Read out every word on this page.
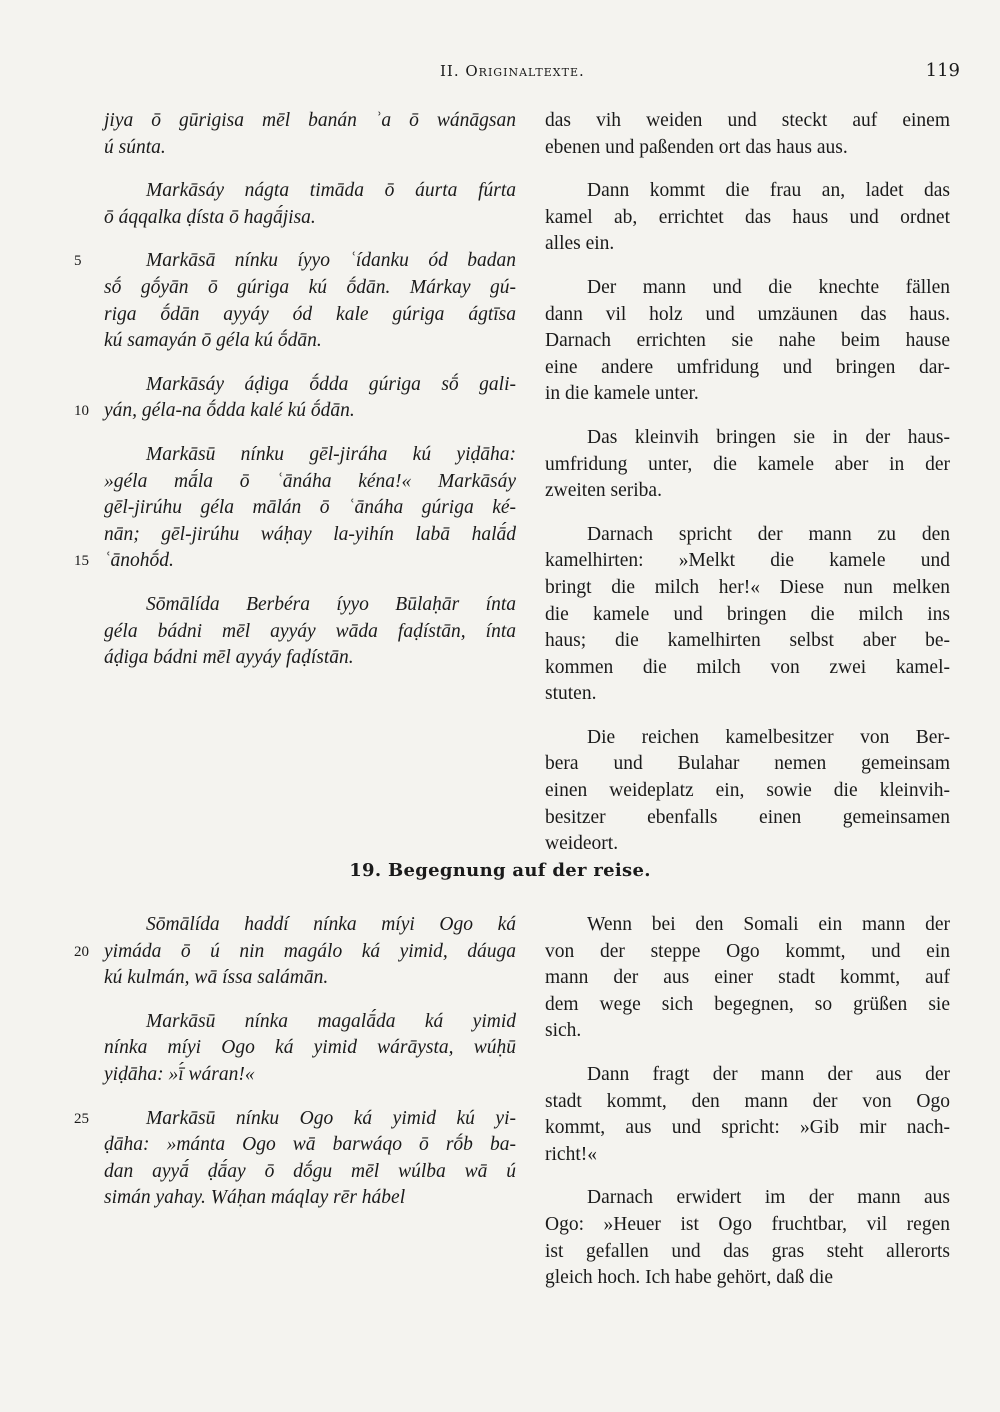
II. Originaltexte.	119
jiya ō gūrigisa mēl banán ʾa ō wánāgsan
ú súnta.
Markāsáy nágta timāda ō áurta fúrta
ō áqqalka ḍísta ō hagā́jisa.
5	Markāsā nínku íyyo ʿídanku ód badan
sṓ gṓyān ō gúriga kú ṓdān. Márkay gú-
riga ṓdān ayyáy ód kale gúriga ágtīsa
kú samayán ō géla kú ṓdān.
Markāsáy áḍiga ṓdda gúriga sṓ gali-
10 yán, géla-na ṓdda kalé kú ṓdān.
Markāsū nínku gēl-jiráha kú yiḍāha:
»géla mā́la ō ʿānáha kéna!« Markāsáy
gēl-jirúhu géla mālán ō ʿānáha gúriga ké-
nān; gēl-jirúhu wáḥay la-yihín labā halā́d
15 ʿānohṓd.
Sōmālída Berbéra íyyo Būlaḥār ínta
géla bádni mēl ayyáy wāda faḍístān, ínta
áḍiga bádni mēl ayyáy faḍístān.
das vih weiden und steckt auf einem
ebenen und paßenden ort das haus aus.
Dann kommt die frau an, ladet das
kamel ab, errichtet das haus und ordnet
alles ein.
Der mann und die knechte fällen
dann vil holz und umzäunen das haus.
Darnach errichten sie nahe beim hause
eine andere umfridung und bringen dar-
in die kamele unter.
Das kleinvih bringen sie in der haus-
umfridung unter, die kamele aber in der
zweiten seriba.
Darnach spricht der mann zu den
kamelhirten: »Melkt die kamele und
bringt die milch her!« Diese nun melken
die kamele und bringen die milch ins
haus; die kamelhirten selbst aber be-
kommen die milch von zwei kamel-
stuten.
Die reichen kamelbesitzer von Ber-
bera und Bulahar nemen gemeinsam
einen weideplatz ein, sowie die kleinvih-
besitzer ebenfalls einen gemeinsamen
weideort.
19. Begegnung auf der reise.
Sōmālída haddí nínka míyi Ogo ká
20 yimáda ō ú nin magálo ká yimid, dáuga
kú kulmán, wā íssa salámān.
Markāsū nínka magalā́da ká yimid
nínka míyi Ogo ká yimid wárāysta, wúḥū
yiḍāha: »ī́ wáran!«
25	Markāsū nínku Ogo ká yimid kú yi-
ḍāha: »mánta Ogo wā barwáqo ō rṓb ba-
dan ayyā́ ḍā́ay ō dṓgu mēl wúlba wā ú
simán yahay. Wáḥan máqlay rēr hábel
Wenn bei den Somali ein mann der
von der steppe Ogo kommt, und ein
mann der aus einer stadt kommt, auf
dem wege sich begegnen, so grüßen sie
sich.
Dann fragt der mann der aus der
stadt kommt, den mann der von Ogo
kommt, aus und spricht: »Gib mir nach-
richt!«
Darnach erwidert im der mann aus
Ogo: »Heuer ist Ogo fruchtbar, vil regen
ist gefallen und das gras steht allerorts
gleich hoch. Ich habe gehört, daß die
